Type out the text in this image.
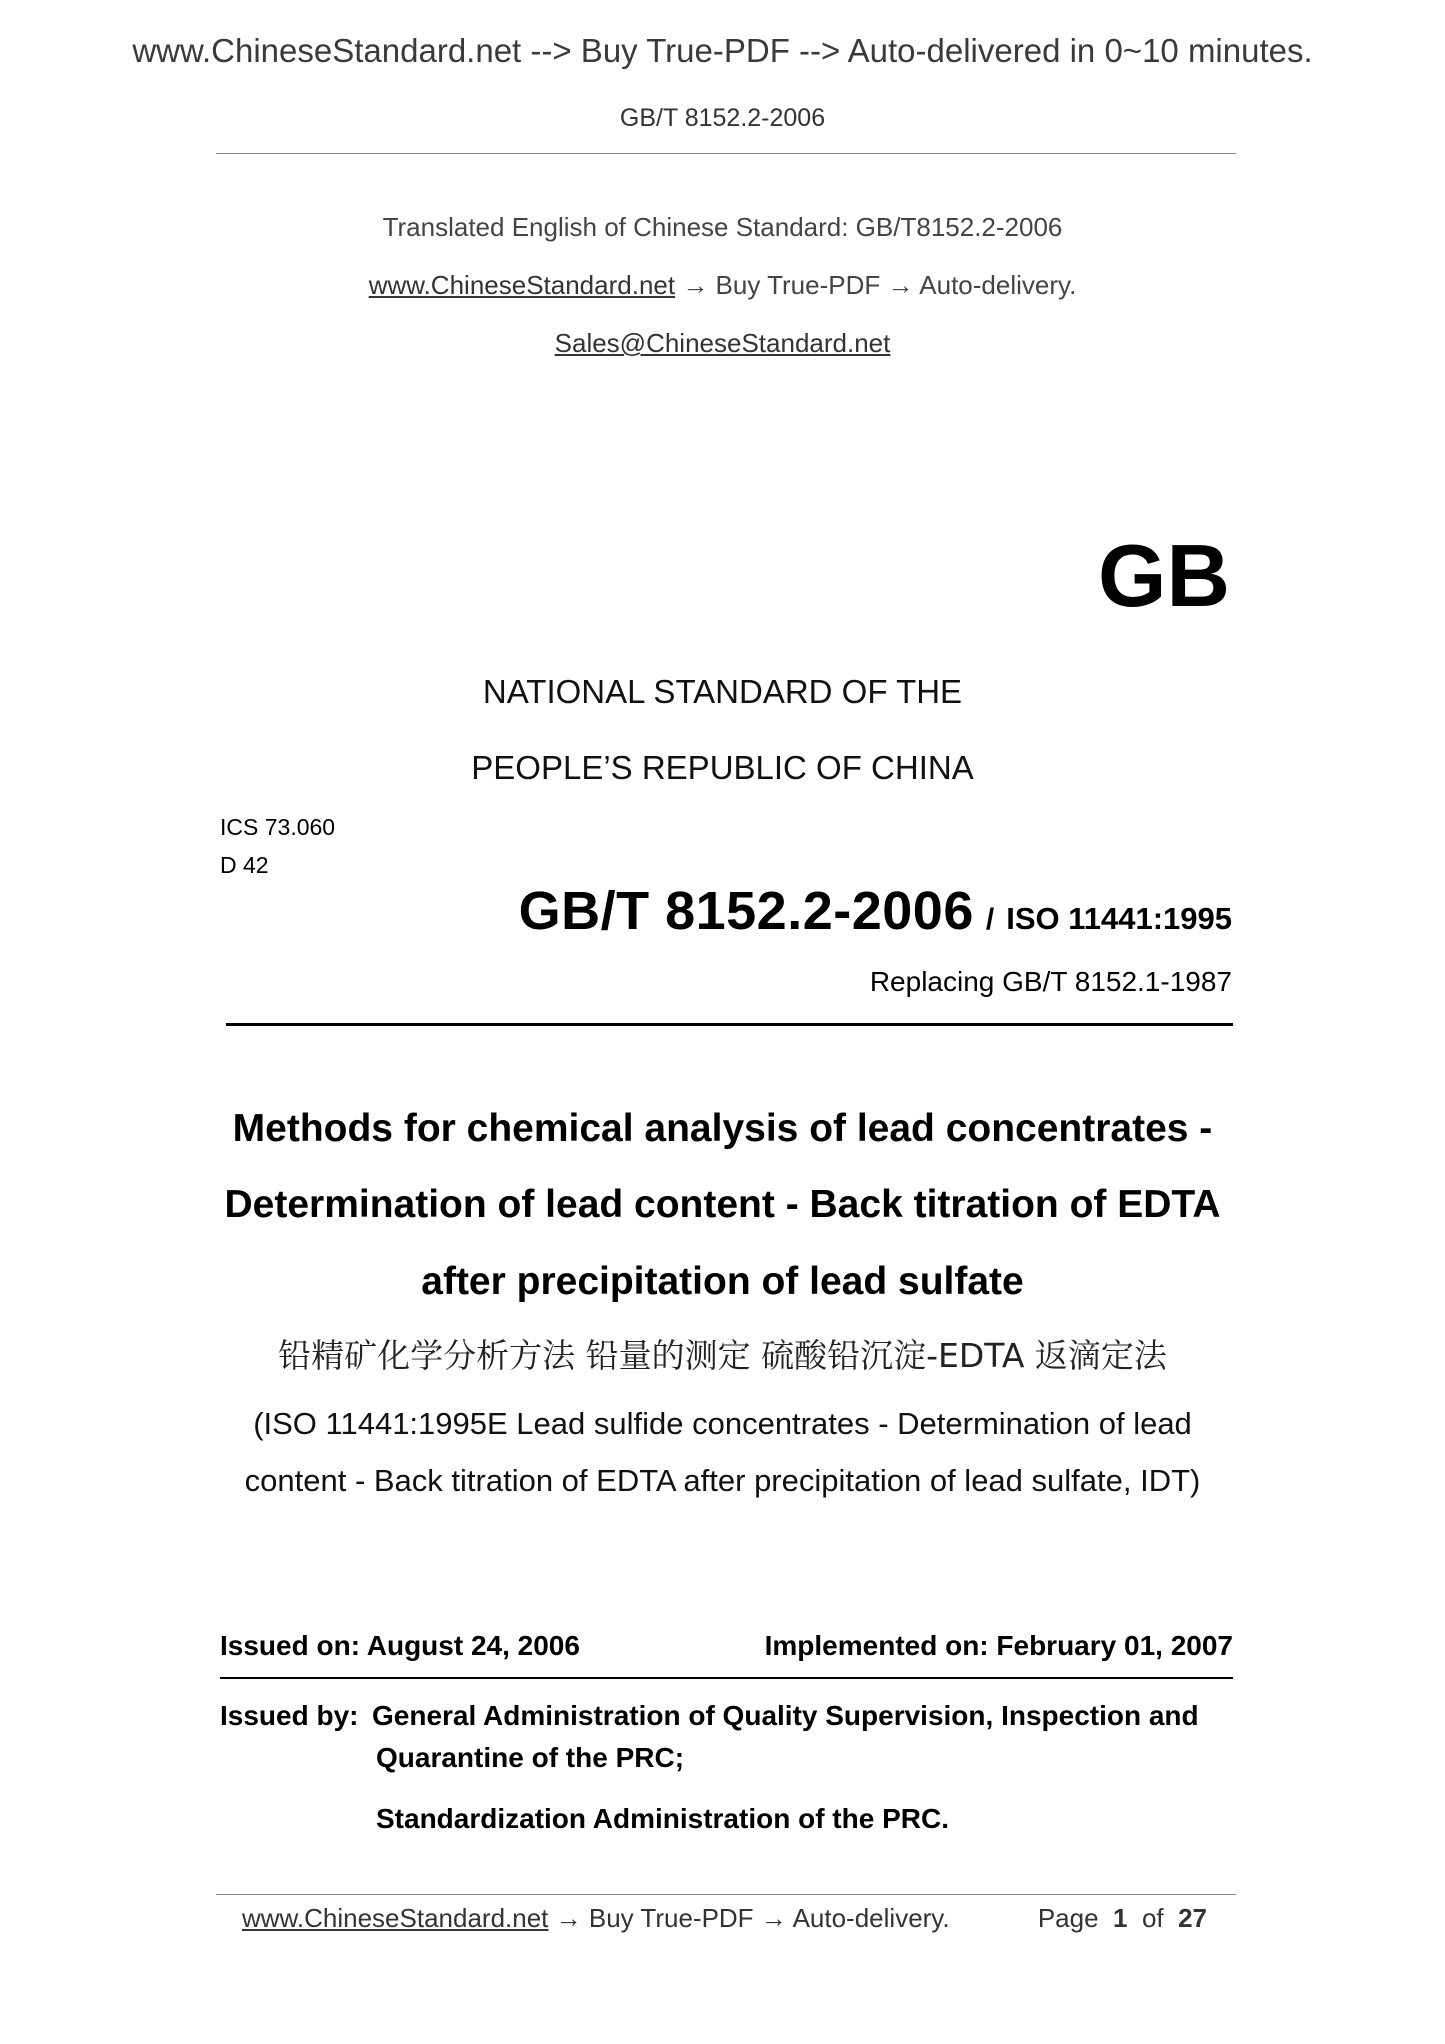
www.ChineseStandard.net --> Buy True-PDF --> Auto-delivered in 0~10 minutes.
GB/T 8152.2-2006
Translated English of Chinese Standard: GB/T8152.2-2006
www.ChineseStandard.net → Buy True-PDF → Auto-delivery.
Sales@ChineseStandard.net
GB
NATIONAL STANDARD OF THE
PEOPLE’S REPUBLIC OF CHINA
ICS 73.060
D 42
GB/T 8152.2-2006 / ISO 11441:1995
Replacing GB/T 8152.1-1987
Methods for chemical analysis of lead concentrates -
Determination of lead content - Back titration of EDTA
after precipitation of lead sulfate
铅精矿化学分析方法 铅量的测定 硫酸铅沉淀-EDTA 返滴定法
(ISO 11441:1995E Lead sulfide concentrates - Determination of lead
content - Back titration of EDTA after precipitation of lead sulfate, IDT)
Issued on: August 24, 2006	Implemented on: February 01, 2007
Issued by: General Administration of Quality Supervision, Inspection and
Quarantine of the PRC;
Standardization Administration of the PRC.
www.ChineseStandard.net → Buy True-PDF → Auto-delivery.	Page 1 of 27
